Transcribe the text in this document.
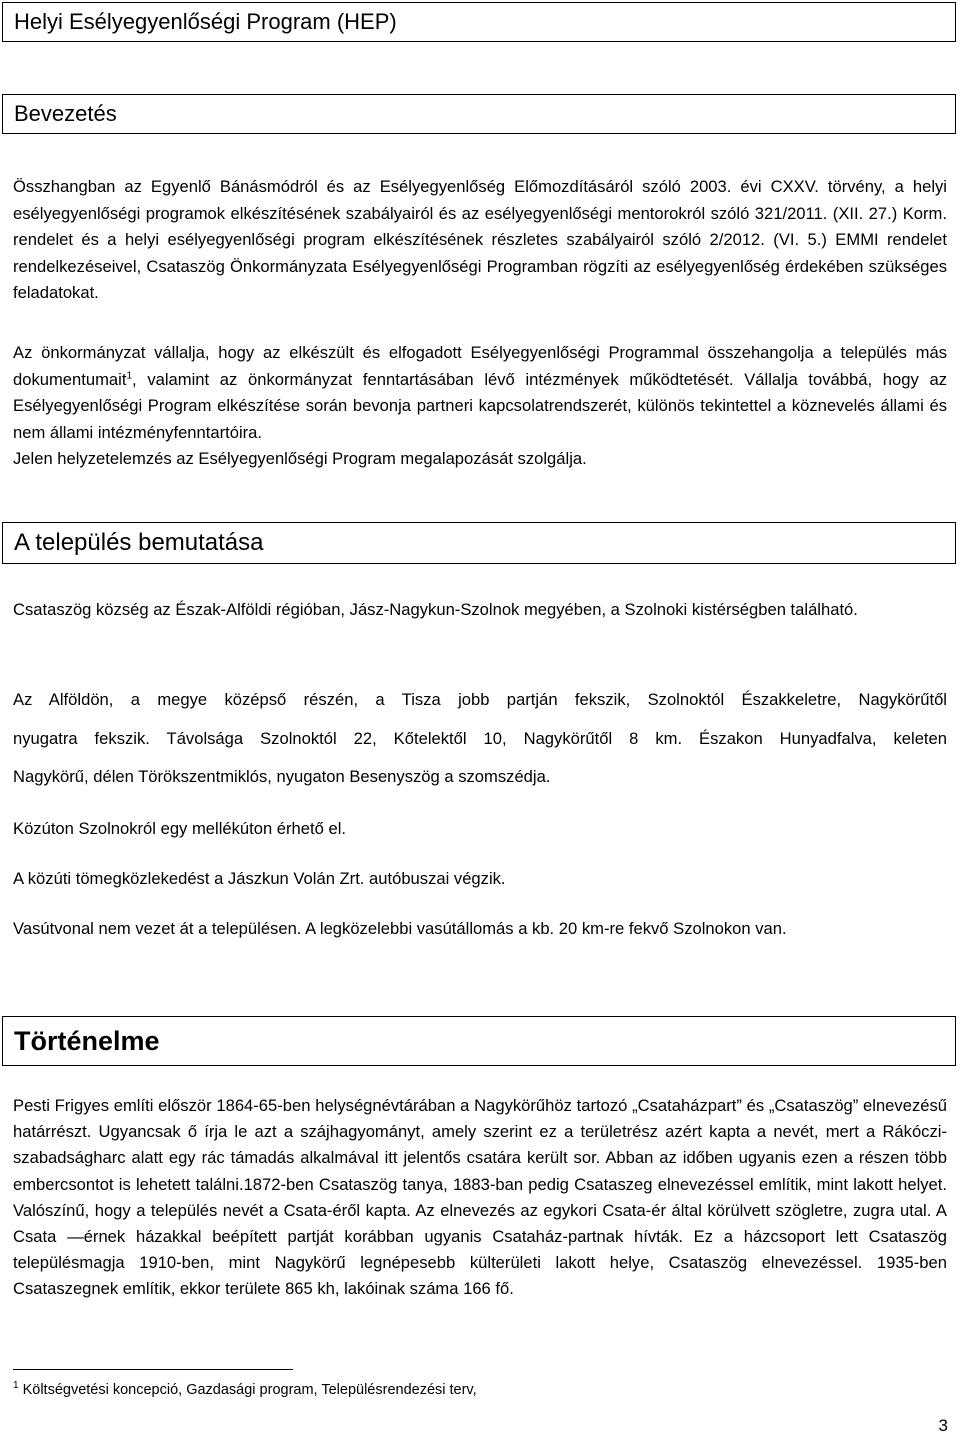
Helyi Esélyegyenlőségi Program (HEP)
Bevezetés

Összhangban az Egyenlő Bánásmódról és az Esélyegyenlőség Előmozdításáról szóló 2003. évi CXXV. törvény, a helyi esélyegyenlőségi programok elkészítésének szabályairól és az esélyegyenlőségi mentorokról szóló 321/2011. (XII. 27.) Korm. rendelet és a helyi esélyegyenlőségi program elkészítésének részletes szabályairól szóló 2/2012. (VI. 5.) EMMI rendelet rendelkezéseivel, Csataszög Önkormányzata Esélyegyenlőségi Programban rögzíti az esélyegyenlőség érdekében szükséges feladatokat.

Az önkormányzat vállalja, hogy az elkészült és elfogadott Esélyegyenlőségi Programmal összehangolja a település más dokumentumait$^1$, valamint az önkormányzat fenntartásában lévő intézmények működtetését. Vállalja továbbá, hogy az Esélyegyenlőségi Program elkészítése során bevonja partneri kapcsolatrendszerét, különös tekintettel a köznevelés állami és nem állami intézményfenntartóira.

Jelen helyzetelemzés az Esélyegyenlőségi Program megalapozását szolgálja.

A település bemutatása

Csataszög község az Észak-Alföldi régióban, Jász-Nagykun-Szolnok megyében, a Szolnoki kistérségben található.

Az Alföldön, a megye középső részén, a Tisza jobb partján fekszik, Szolnoktól Északkeletre, Nagykörűtől
nyugatra fekszik. Távolsága Szolnoktól 22, Kőtelektől 10, Nagykörűtől 8 km. Északon Hunyadfalva, keleten
Nagykörű, délen Törökszentmiklós, nyugaton Besenyszög a szomszédja.

Közúton Szolnokról egy mellékúton érhető el.

A közúti tömegközlekedést a Jászkun Volán Zrt. autóbuszai végzik.

Vasútvonal nem vezet át a településen. A legközelebbi vasútállomás a kb. 20 km-re fekvő Szolnokon van.

Történelme

Pesti Frigyes említi először 1864-65-ben helységnévtárában a Nagykörűhöz tartozó „Csataházpart” és „Csataszög” elnevezésű határrészt. Ugyancsak ő írja le azt a szájhagyományt, amely szerint ez a területrész azért kapta a nevét, mert a Rákóczi-szabadságharc alatt egy rác támadás alkalmával itt jelentős csatára került sor. Abban az időben ugyanis ezen a részen több embercsontot is lehetett találni.1872-ben Csataszög tanya, 1883-ban pedig Csataszeg elnevezéssel említik, mint lakott helyet. Valószínű, hogy a település nevét a Csata-éről kapta. Az elnevezés az egykori Csata-ér által körülvett szögletre, zugra utal. A Csata —érnek házakkal beépített partját korábban ugyanis Csataház-partnak hívták. Ez a házcsoport lett Csataszög településmagja 1910-ben, mint Nagykörű legnépesebb külterületi lakott helye, Csataszög elnevezéssel. 1935-ben Csataszegnek említik, ekkor területe 865 kh, lakóinak száma 166 fő.

$^1$ Költségvetési koncepció, Gazdasági program, Településrendezési terv,

3
